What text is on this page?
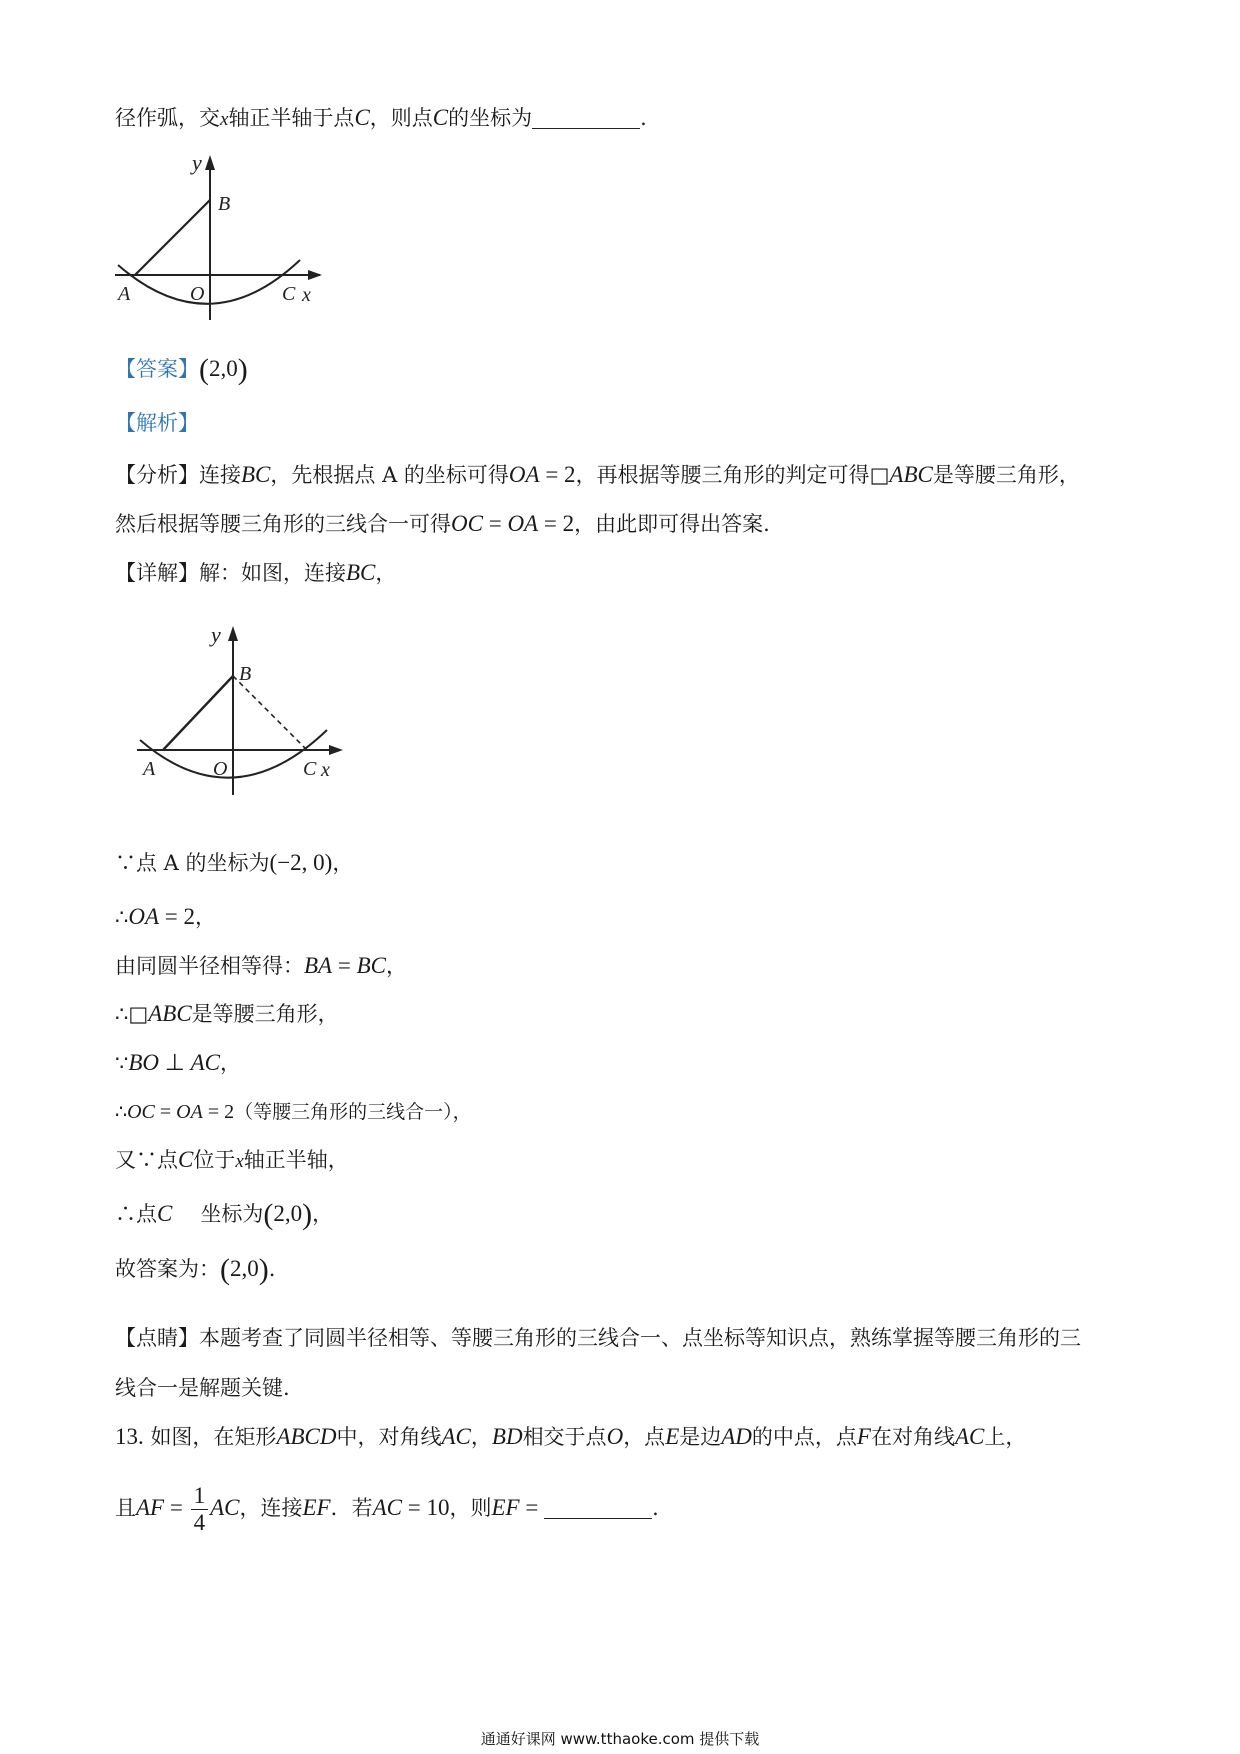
径作弧，交x轴正半轴于点C，则点C的坐标为	.
y
B
A	O	C x
【答案】(2,0)
【解析】
【分析】连接BC，先根据点 A 的坐标可得OA = 2，再根据等腰三角形的判定可得□ABC是等腰三角形，
然后根据等腰三角形的三线合一可得OC = OA = 2，由此即可得出答案.
【详解】解：如图，连接BC，
y
B
A	O	C x
∵点 A 的坐标为(−2, 0)，
∴OA = 2，
由同圆半径相等得：BA = BC，
∴□ABC是等腰三角形，
∵BO ⊥ AC，
∴OC = OA = 2（等腰三角形的三线合一），
又∵点C位于x轴正半轴，
∴点C 坐标为(2,0)，
故答案为：(2,0).
【点睛】本题考查了同圆半径相等、等腰三角形的三线合一、点坐标等知识点，熟练掌握等腰三角形的三
线合一是解题关键.
13. 如图，在矩形ABCD中，对角线AC，BD相交于点O，点E是边AD的中点，点F在对角线AC上，
且AF = $\frac{1}{4}$ AC，连接EF．若AC = 10，则EF =	.
通通好课网 www.tthaoke.com 提供下载
